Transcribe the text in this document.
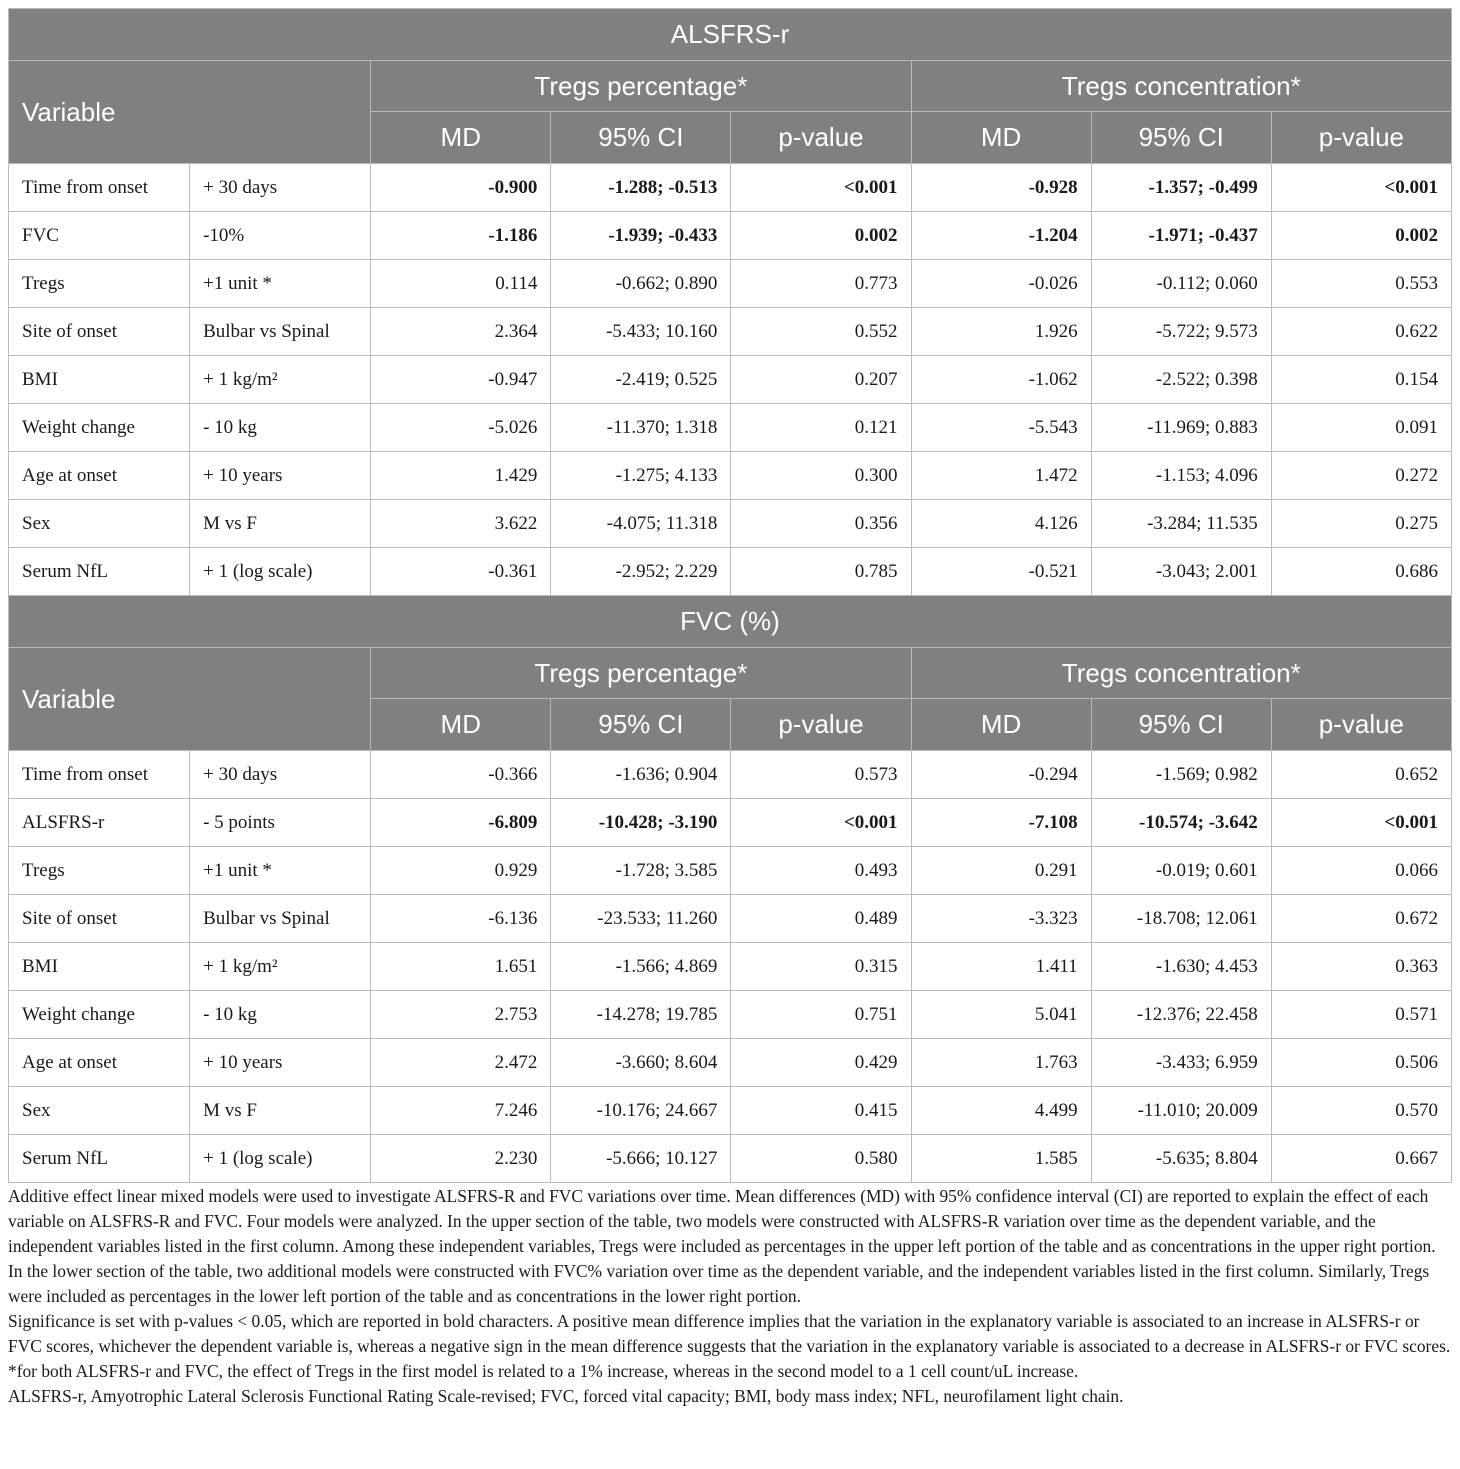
ALSFRS-r							
Variable		Tregs percentage*			Tregs concentration*		
		MD	95% CI	p-value	MD	95% CI	p-value
Time from onset	+ 30 days	-0.900	-1.288; -0.513	<0.001	-0.928	-1.357; -0.499	<0.001
FVC	-10%	-1.186	-1.939; -0.433	0.002	-1.204	-1.971; -0.437	0.002
Tregs	+1 unit *	0.114	-0.662; 0.890	0.773	-0.026	-0.112; 0.060	0.553
Site of onset	Bulbar vs Spinal	2.364	-5.433; 10.160	0.552	1.926	-5.722; 9.573	0.622
BMI	+ 1 kg/m²	-0.947	-2.419; 0.525	0.207	-1.062	-2.522; 0.398	0.154
Weight change	- 10 kg	-5.026	-11.370; 1.318	0.121	-5.543	-11.969; 0.883	0.091
Age at onset	+ 10 years	1.429	-1.275; 4.133	0.300	1.472	-1.153; 4.096	0.272
Sex	M vs F	3.622	-4.075; 11.318	0.356	4.126	-3.284; 11.535	0.275
Serum NfL	+ 1 (log scale)	-0.361	-2.952; 2.229	0.785	-0.521	-3.043; 2.001	0.686
FVC (%)							
Variable		Tregs percentage*			Tregs concentration*		
		MD	95% CI	p-value	MD	95% CI	p-value
Time from onset	+ 30 days	-0.366	-1.636; 0.904	0.573	-0.294	-1.569; 0.982	0.652
ALSFRS-r	- 5 points	-6.809	-10.428; -3.190	<0.001	-7.108	-10.574; -3.642	<0.001
Tregs	+1 unit *	0.929	-1.728; 3.585	0.493	0.291	-0.019; 0.601	0.066
Site of onset	Bulbar vs Spinal	-6.136	-23.533; 11.260	0.489	-3.323	-18.708; 12.061	0.672
BMI	+ 1 kg/m²	1.651	-1.566; 4.869	0.315	1.411	-1.630; 4.453	0.363
Weight change	- 10 kg	2.753	-14.278; 19.785	0.751	5.041	-12.376; 22.458	0.571
Age at onset	+ 10 years	2.472	-3.660; 8.604	0.429	1.763	-3.433; 6.959	0.506
Sex	M vs F	7.246	-10.176; 24.667	0.415	4.499	-11.010; 20.009	0.570
Serum NfL	+ 1 (log scale)	2.230	-5.666; 10.127	0.580	1.585	-5.635; 8.804	0.667

Additive effect linear mixed models were used to investigate ALSFRS-R and FVC variations over time. Mean differences (MD) with 95% confidence interval (CI) are reported to explain the effect of each variable on ALSFRS-R and FVC. Four models were analyzed. In the upper section of the table, two models were constructed with ALSFRS-R variation over time as the dependent variable, and the independent variables listed in the first column. Among these independent variables, Tregs were included as percentages in the upper left portion of the table and as concentrations in the upper right portion.

In the lower section of the table, two additional models were constructed with FVC% variation over time as the dependent variable, and the independent variables listed in the first column. Similarly, Tregs were included as percentages in the lower left portion of the table and as concentrations in the lower right portion.

Significance is set with p-values < 0.05, which are reported in bold characters. A positive mean difference implies that the variation in the explanatory variable is associated to an increase in ALSFRS-r or FVC scores, whichever the dependent variable is, whereas a negative sign in the mean difference suggests that the variation in the explanatory variable is associated to a decrease in ALSFRS-r or FVC scores.

*for both ALSFRS-r and FVC, the effect of Tregs in the first model is related to a 1% increase, whereas in the second model to a 1 cell count/uL increase.

ALSFRS-r, Amyotrophic Lateral Sclerosis Functional Rating Scale-revised; FVC, forced vital capacity; BMI, body mass index; NFL, neurofilament light chain.
